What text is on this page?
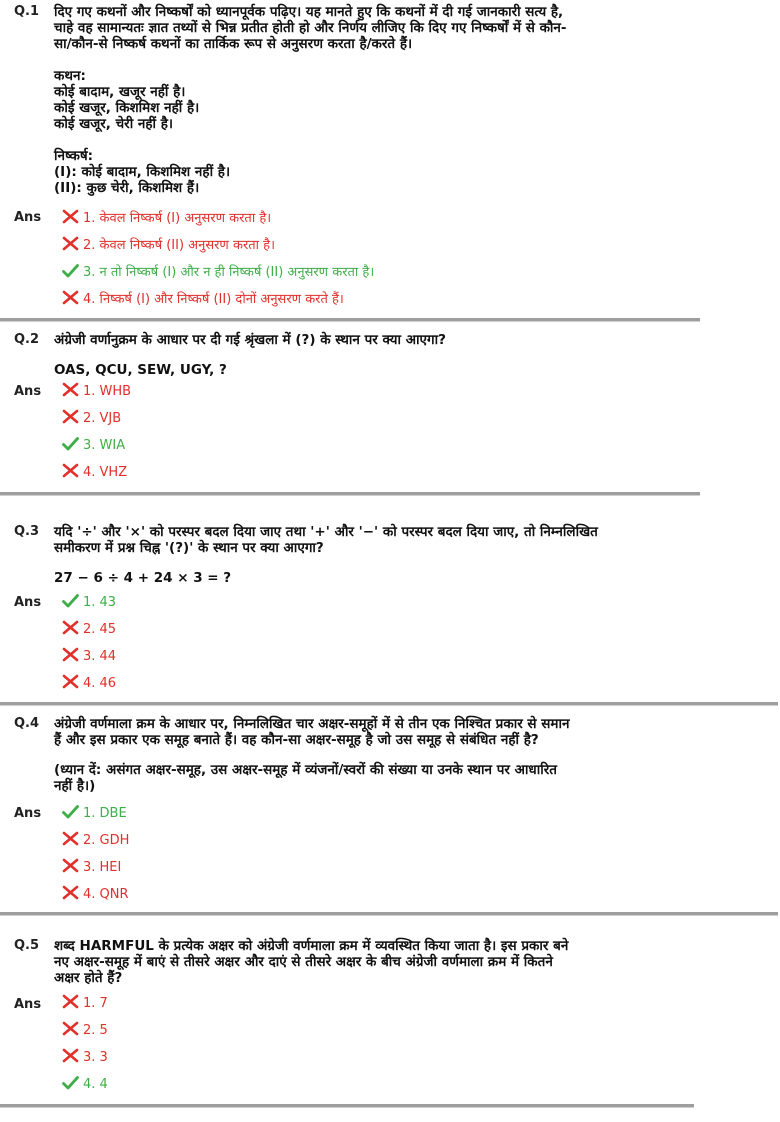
Q.1 दिए गए कथनों और निष्कर्षों को ध्यानपूर्वक पढ़िए। यह मानते हुए कि कथनों में दी गई जानकारी सत्य है,
चाहे वह सामान्यतः ज्ञात तथ्यों से भिन्न प्रतीत होती हो और निर्णय लीजिए कि दिए गए निष्कर्षों में से कौन-
सा/कौन-से निष्कर्ष कथनों का तार्किक रूप से अनुसरण करता है/करते हैं।
कथन:
कोई बादाम, खजूर नहीं है।
कोई खजूर, किशमिश नहीं है।
कोई खजूर, चेरी नहीं है।
निष्कर्ष:
(I): कोई बादाम, किशमिश नहीं है।
(II): कुछ चेरी, किशमिश हैं।
Ans	1. केवल निष्कर्ष (I) अनुसरण करता है।
2. केवल निष्कर्ष (II) अनुसरण करता है।
3. न तो निष्कर्ष (I) और न ही निष्कर्ष (II) अनुसरण करता है।
4. निष्कर्ष (I) और निष्कर्ष (II) दोनों अनुसरण करते हैं।
Q.2 अंग्रेजी वर्णानुक्रम के आधार पर दी गई श्रृंखला में (?) के स्थान पर क्या आएगा?
OAS, QCU, SEW, UGY, ?
Ans	1. WHB
2. VJB
3. WIA
4. VHZ
Q.3 यदि '÷' और '×' को परस्पर बदल दिया जाए तथा '+' और '−' को परस्पर बदल दिया जाए, तो निम्नलिखित
समीकरण में प्रश्न चिह्न '(?)' के स्थान पर क्या आएगा?
27 − 6 ÷ 4 + 24 × 3 = ?
Ans	1. 43
2. 45
3. 44
4. 46
Q.4 अंग्रेजी वर्णमाला क्रम के आधार पर, निम्नलिखित चार अक्षर-समूहों में से तीन एक निश्चित प्रकार से समान
हैं और इस प्रकार एक समूह बनाते हैं। वह कौन-सा अक्षर-समूह है जो उस समूह से संबंधित नहीं है?
(ध्यान दें: असंगत अक्षर-समूह, उस अक्षर-समूह में व्यंजनों/स्वरों की संख्या या उनके स्थान पर आधारित
नहीं है।)
Ans	1. DBE
2. GDH
3. HEI
4. QNR
Q.5 शब्द HARMFUL के प्रत्येक अक्षर को अंग्रेजी वर्णमाला क्रम में व्यवस्थित किया जाता है। इस प्रकार बने
नए अक्षर-समूह में बाएं से तीसरे अक्षर और दाएं से तीसरे अक्षर के बीच अंग्रेजी वर्णमाला क्रम में कितने
अक्षर होते हैं?
Ans	1. 7
2. 5
3. 3
4. 4
